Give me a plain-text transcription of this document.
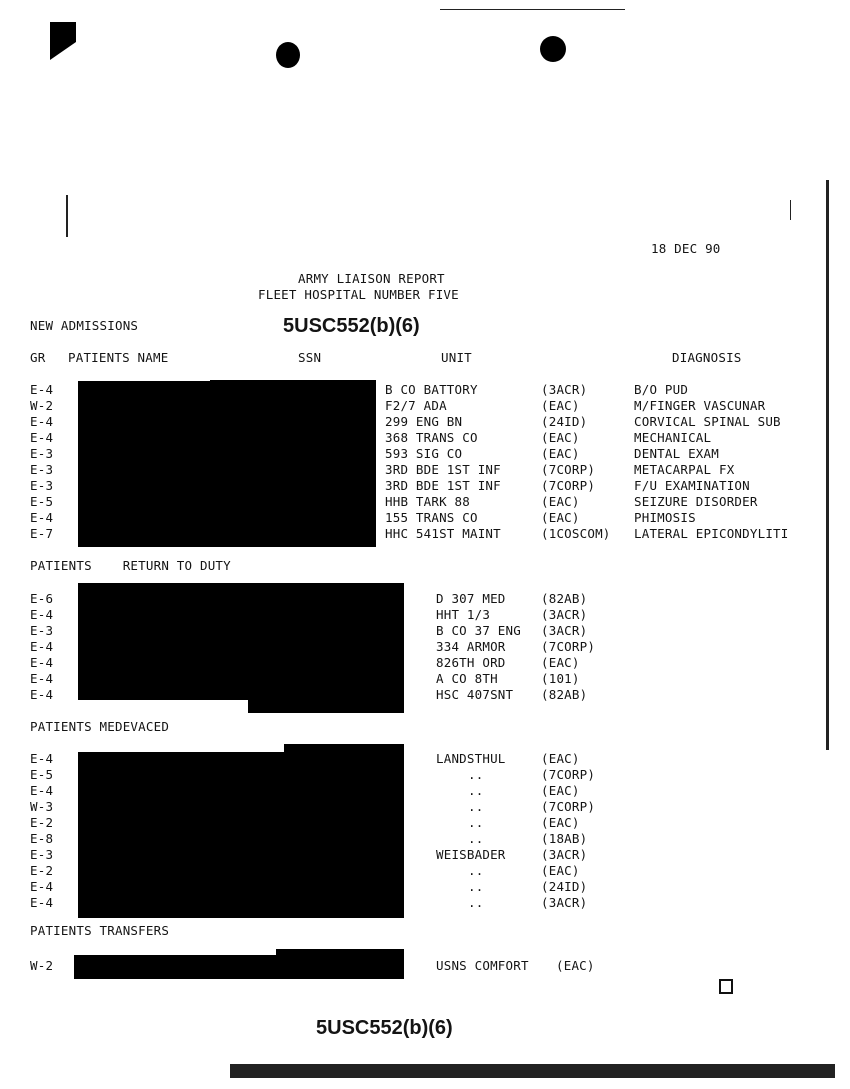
18 DEC 90
ARMY LIAISON REPORT
FLEET HOSPITAL NUMBER FIVE
5USC552(b)(6)
NEW ADMISSIONS
GR PATIENTS NAME	SSN	UNIT	DIAGNOSIS
E-4	B CO BATTORY	(3ACR)	B/O PUD
W-2	F2/7 ADA	(EAC)	M/FINGER VASCUNAR
E-4	299 ENG BN	(24ID)	CORVICAL SPINAL SUB
E-4	368 TRANS CO	(EAC)	MECHANICAL
E-3	593 SIG CO	(EAC)	DENTAL EXAM
E-3	3RD BDE 1ST INF	(7CORP)	METACARPAL FX
E-3	3RD BDE 1ST INF	(7CORP)	F/U EXAMINATION
E-5	HHB TARK 88	(EAC)	SEIZURE DISORDER
E-4	155 TRANS CO	(EAC)	PHIMOSIS
E-7	HHC 541ST MAINT	(1COSCOM) LATERAL EPICONDYLITI
PATIENTS    RETURN TO DUTY
E-6	D 307 MED	(82AB)
E-4	HHT 1/3	(3ACR)
E-3	B CO 37 ENG (3ACR)
E-4	334 ARMOR	(7CORP)
E-4	826TH ORD	(EAC)
E-4	A CO 8TH	(101)
E-4	HSC 407SNT (82AB)
PATIENTS MEDEVACED
E-4	LANDSTHUL	(EAC)
E-5	..	(7CORP)
E-4	..	(EAC)
W-3	..	(7CORP)
E-2	..	(EAC)
E-8	..	(18AB)
E-3	WEISBADER	(3ACR)
E-2	..	(EAC)
E-4	..	(24ID)
E-4	..	(3ACR)
PATIENTS TRANSFERS
W-2	USNS COMFORT (EAC)
5USC552(b)(6)
